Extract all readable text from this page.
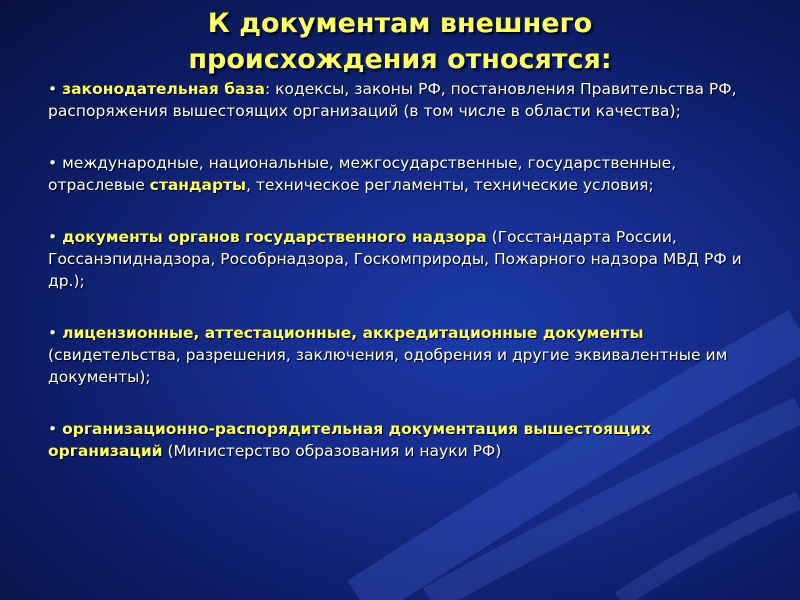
К документам внешнего
происхождения относятся:
• законодательная база: кодексы, законы РФ, постановления Правительства РФ, распоряжения вышестоящих организаций (в том числе в области качества);
• международные, национальные, межгосударственные, государственные, отраслевые стандарты, техническое регламенты, технические условия;
• документы органов государственного надзора (Госстандарта России, Госсанэпиднадзора, Рособрнадзора, Госкомприроды, Пожарного надзора МВД РФ и др.);
• лицензионные, аттестационные, аккредитационные документы (свидетельства, разрешения, заключения, одобрения и другие эквивалентные им документы);
• организационно-распорядительная документация вышестоящих организаций (Министерство образования и науки РФ)
